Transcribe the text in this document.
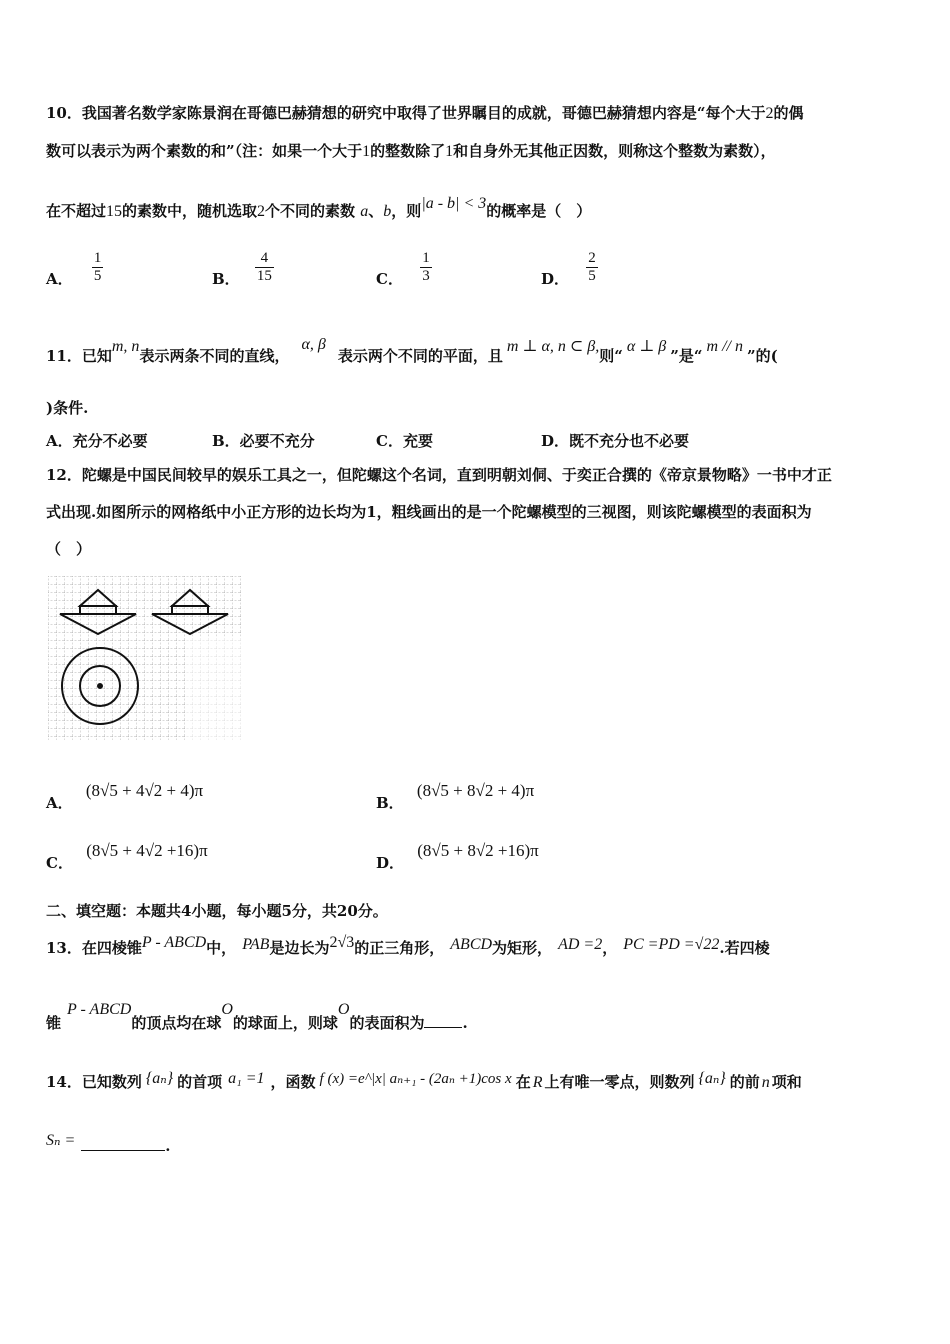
10．我国著名数学家陈景润在哥德巴赫猜想的研究中取得了世界瞩目的成就，哥德巴赫猜想内容是“每个大于2的偶
数可以表示为两个素数的和”（注：如果一个大于1的整数除了1和自身外无其他正因数，则称这个整数为素数），
在不超过15的素数中，随机选取2个不同的素数 a、b，则|a - b| < 3的概率是（　）
A． $\frac{1}{5}$	B． $\frac{4}{15}$	C． $\frac{1}{3}$	D． $\frac{2}{5}$
11．已知m, n表示两条不同的直线，α, β表示两个不同的平面，且m ⊥ α, n ⊂ β,则“α ⊥ β”是“m // n”的(
)条件.
A．充分不必要	B．必要不充分	C．充要	D．既不充分也不必要
12．陀螺是中国民间较早的娱乐工具之一，但陀螺这个名词，直到明朝刘侗、于奕正合撰的《帝京景物略》一书中才正
式出现.如图所示的网格纸中小正方形的边长均为1，粗线画出的是一个陀螺模型的三视图，则该陀螺模型的表面积为
（　）
A． (8√5 + 4√2 + 4)π
B． (8√5 + 8√2 + 4)π
C． (8√5 + 4√2 +16)π
D． (8√5 + 8√2 +16)π
二、填空题：本题共4小题，每小题5分，共20分。
13．在四棱锥P - ABCD中， PAB是边长为2√3的正三角形， ABCD为矩形， AD =2， PC =PD =√22.若四棱
锥P - ABCD的顶点均在球O的球面上，则球O的表面积为	.
14．已知数列 {aₙ} 的首项 a₁ =1 ，函数 f (x) =e^|x| aₙ₊₁ - (2aₙ +1)cos x 在 R 上有唯一零点，则数列 {aₙ} 的前 n 项和
Sₙ =	.
